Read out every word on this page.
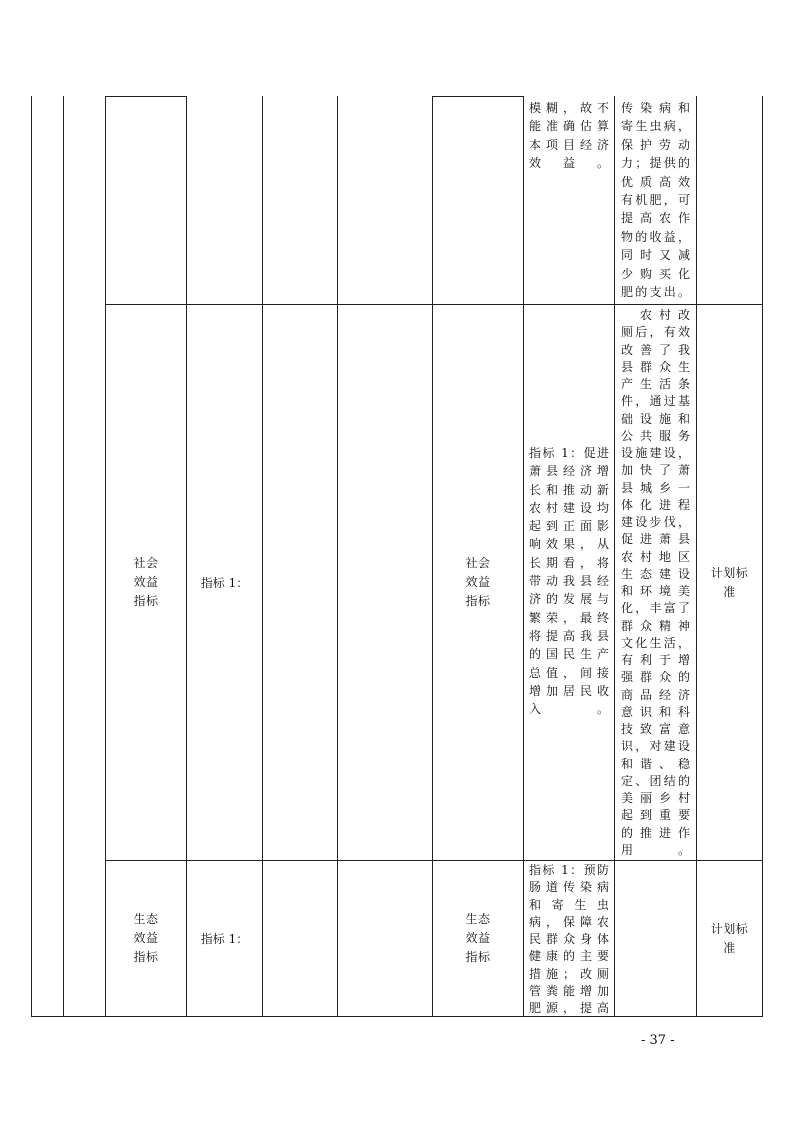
模糊，故不
能准确估算
本项目经济
效益。
传染病和
寄生虫病，
保护劳动
力；提供的
优质高效
有机肥，可
提高农作
物的收益，
同时又减
少购买化
肥的支出。
社会
效益
指标
指标 1：
社会
效益
指标
指标 1：促进
萧县经济增
长和推动新
农村建设均
起到正面影
响效果，从
长期看，将
带动我县经
济的发展与
繁荣，最终
将提高我县
的国民生产
总值，间接
增加居民收
入。
　农村改
厕后，有效
改善了我
县群众生
产生活条
件，通过基
础设施和
公共服务
设施建设，
加快了萧
县城乡一
体化进程
建设步伐，
促进萧县
农村地区
生态建设
和环境美
化，丰富了
群众精神
文化生活，
有利于增
强群众的
商品经济
意识和科
技致富意
识，对建设
和谐、稳
定、团结的
美丽乡村
起到重要
的推进作
用。
计划标
准
生态
效益
指标
指标 1：
生态
效益
指标
指标 1：预防
肠道传染病
和寄生虫
病，保障农
民群众身体
健康的主要
措施；改厕
管粪能增加
肥源，提高
计划标
准
- 37 -
